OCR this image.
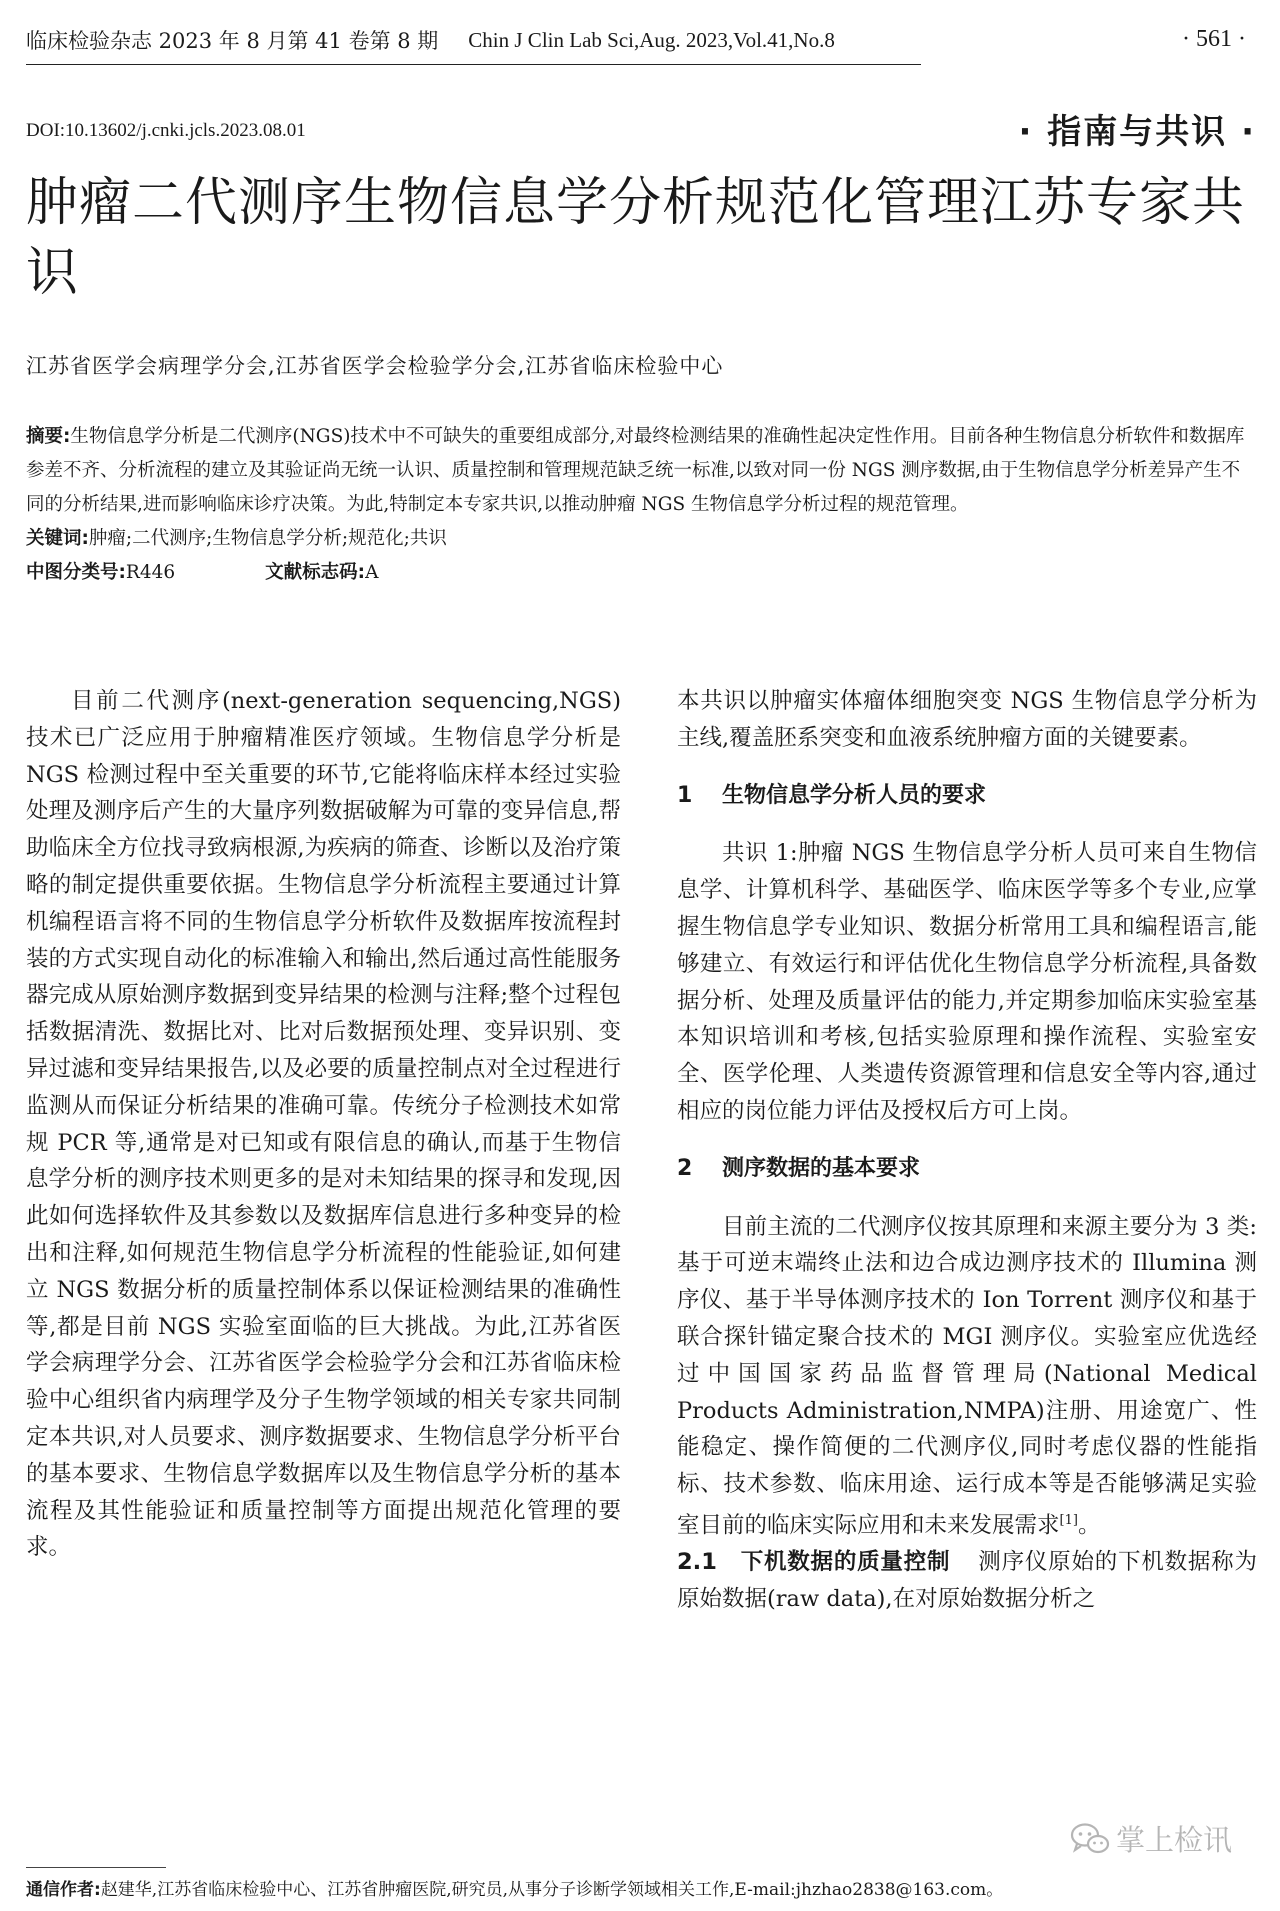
临床检验杂志 2023 年 8 月第 41 卷第 8 期 Chin J Clin Lab Sci,Aug. 2023,Vol.41,No.8	· 561 ·
DOI:10.13602/j.cnki.jcls.2023.08.01	· 指南与共识 ·
肿瘤二代测序生物信息学分析规范化管理江苏专家共识
江苏省医学会病理学分会,江苏省医学会检验学分会,江苏省临床检验中心

摘要:生物信息学分析是二代测序(NGS)技术中不可缺失的重要组成部分,对最终检测结果的准确性起决定性作用。目前各种生物信息分析软件和数据库参差不齐、分析流程的建立及其验证尚无统一认识、质量控制和管理规范缺乏统一标准,以致对同一份 NGS 测序数据,由于生物信息学分析差异产生不同的分析结果,进而影响临床诊疗决策。为此,特制定本专家共识,以推动肿瘤 NGS 生物信息学分析过程的规范管理。

关键词:肿瘤;二代测序;生物信息学分析;规范化;共识

中图分类号:R446	文献标志码:A

目前二代测序(next-generation sequencing,NGS)技术已广泛应用于肿瘤精准医疗领域。生物信息学分析是 NGS 检测过程中至关重要的环节,它能将临床样本经过实验处理及测序后产生的大量序列数据破解为可靠的变异信息,帮助临床全方位找寻致病根源,为疾病的筛查、诊断以及治疗策略的制定提供重要依据。生物信息学分析流程主要通过计算机编程语言将不同的生物信息学分析软件及数据库按流程封装的方式实现自动化的标准输入和输出,然后通过高性能服务器完成从原始测序数据到变异结果的检测与注释;整个过程包括数据清洗、数据比对、比对后数据预处理、变异识别、变异过滤和变异结果报告,以及必要的质量控制点对全过程进行监测从而保证分析结果的准确可靠。传统分子检测技术如常规 PCR 等,通常是对已知或有限信息的确认,而基于生物信息学分析的测序技术则更多的是对未知结果的探寻和发现,因此如何选择软件及其参数以及数据库信息进行多种变异的检出和注释,如何规范生物信息学分析流程的性能验证,如何建立 NGS 数据分析的质量控制体系以保证检测结果的准确性等,都是目前 NGS 实验室面临的巨大挑战。为此,江苏省医学会病理学分会、江苏省医学会检验学分会和江苏省临床检验中心组织省内病理学及分子生物学领域的相关专家共同制定本共识,对人员要求、测序数据要求、生物信息学分析平台的基本要求、生物信息学数据库以及生物信息学分析的基本流程及其性能验证和质量控制等方面提出规范化管理的要求。

本共识以肿瘤实体瘤体细胞突变 NGS 生物信息学分析为主线,覆盖胚系突变和血液系统肿瘤方面的关键要素。

1 生物信息学分析人员的要求

共识 1:肿瘤 NGS 生物信息学分析人员可来自生物信息学、计算机科学、基础医学、临床医学等多个专业,应掌握生物信息学专业知识、数据分析常用工具和编程语言,能够建立、有效运行和评估优化生物信息学分析流程,具备数据分析、处理及质量评估的能力,并定期参加临床实验室基本知识培训和考核,包括实验原理和操作流程、实验室安全、医学伦理、人类遗传资源管理和信息安全等内容,通过相应的岗位能力评估及授权后方可上岗。

2 测序数据的基本要求

目前主流的二代测序仪按其原理和来源主要分为 3 类:基于可逆末端终止法和边合成边测序技术的 Illumina 测序仪、基于半导体测序技术的 Ion Torrent 测序仪和基于联合探针锚定聚合技术的 MGI 测序仪。实验室应优选经过中国国家药品监督管理局(National Medical Products Administration,NMPA)注册、用途宽广、性能稳定、操作简便的二代测序仪,同时考虑仪器的性能指标、技术参数、临床用途、运行成本等是否能够满足实验室目前的临床实际应用和未来发展需求[1]。

2.1 下机数据的质量控制 测序仪原始的下机数据称为原始数据(raw data),在对原始数据分析之

通信作者:赵建华,江苏省临床检验中心、江苏省肿瘤医院,研究员,从事分子诊断学领域相关工作,E-mail:jhzhao2838@163.com。
掌上检讯
